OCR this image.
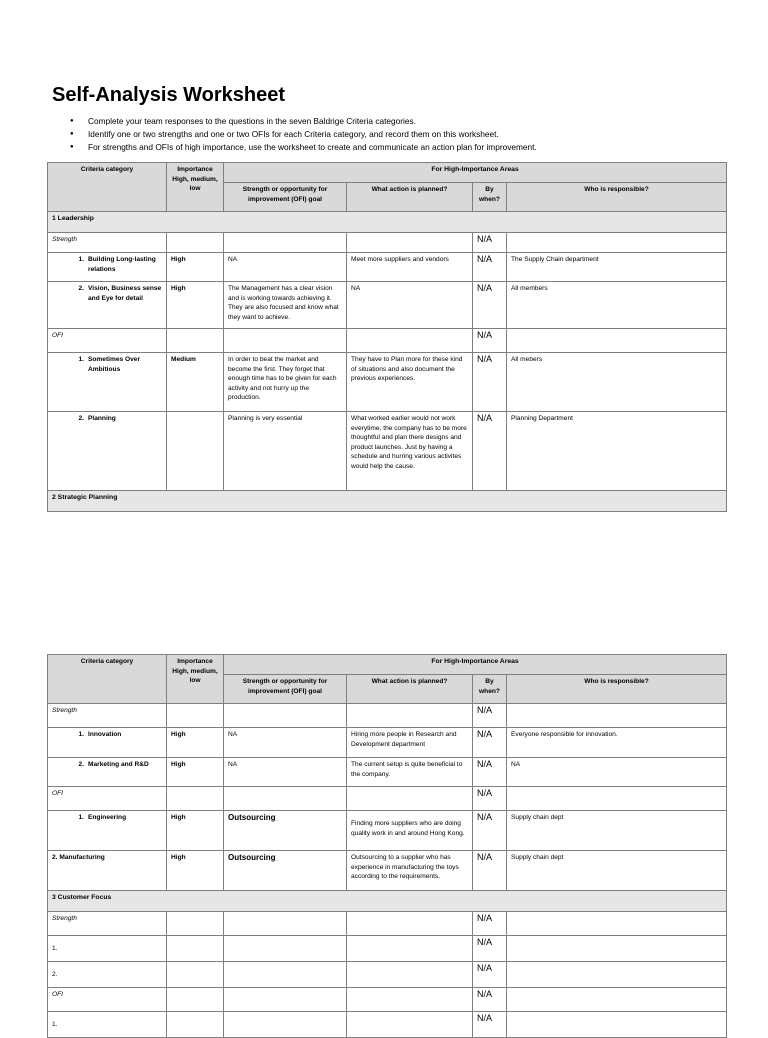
Self-Analysis Worksheet
● Complete your team responses to the questions in the seven Baldrige Criteria categories.
● Identify one or two strengths and one or two OFIs for each Criteria category, and record them on this worksheet.
● For strengths and OFIs of high importance, use the worksheet to create and communicate an action plan for improvement.
Criteria category	Importance High, medium, low	For High-Importance Areas			
		Strength or opportunity for improvement (OFI) goal	What action is planned?	By when?	Who is responsible?
1 Leadership					
Strength				N/A	

1. Building Long-lasting relations	High	NA	Meet more suppliers and vendors	N/A	The Supply Chain department

2. Vision, Business sense and Eye for detail	High	The Management has a clear vision and is working towards achieving it. They are also focused and know what they want to achieve.	NA	N/A	All members
OFI				N/A	

1. Sometimes Over Ambitious	Medium	In order to beat the market and become the first. They forget that enough time has to be given for each activity and not hurry up the production.	They have to Plan more for these kind of situations and also document the previous experiences.	N/A	All mebers

2. Planning		Planning is very essential	What worked earlier would not work everytime, the company has to be more thoughtful and plan there designs and product launches. Just by having a schedule and hurring various activites would help the cause.	N/A	Planning Department
2 Strategic Planning					
Criteria category	Importance High, medium, low	For High-Importance Areas			
		Strength or opportunity for improvement (OFI) goal	What action is planned?	By when?	Who is responsible?
Strength				N/A	

1. Innovation	High	NA	Hiring more people in Research and Development department	N/A	Everyone responsible for innovation.

2. Marketing and R&D	High	NA	The current setup is quite beneficial to the company.	N/A	NA
OFI				N/A	

1. Engineering	High	Outsourcing	Finding more suppliers who are doing quality work in and around Hong Kong.	N/A	Supply chain dept
2. Manufacturing	High	Outsourcing	Outsourcing to a supplier who has experience in manufacturing the toys according to the requirements.	N/A	Supply chain dept
3 Customer Focus					
Strength				N/A	
1.				N/A	
2.				N/A	
OFI				N/A	
1.				N/A	
